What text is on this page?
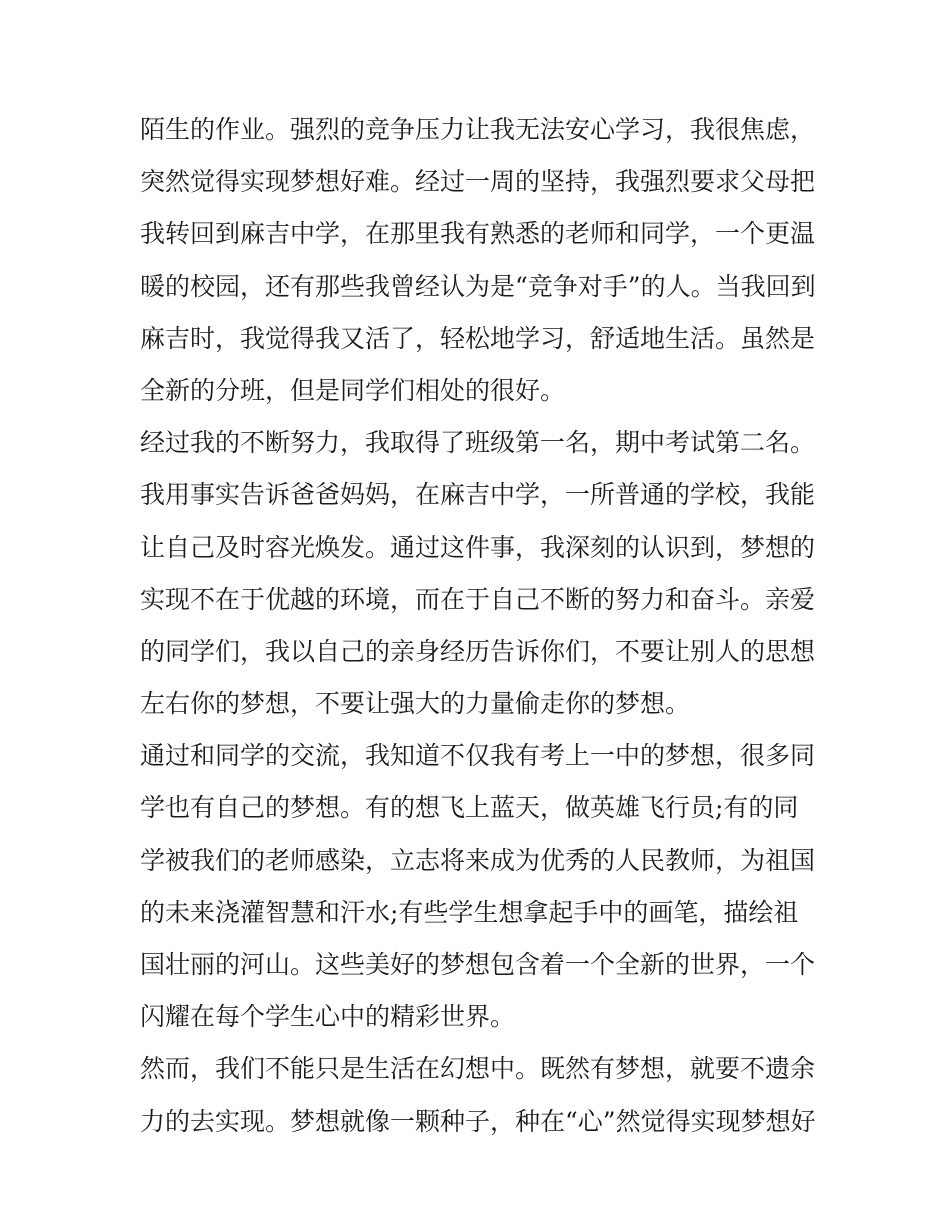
陌生的作业。强烈的竞争压力让我无法安心学习，我很焦虑，
突然觉得实现梦想好难。经过一周的坚持，我强烈要求父母把
我转回到麻吉中学，在那里我有熟悉的老师和同学，一个更温
暖的校园，还有那些我曾经认为是“竞争对手”的人。当我回到
麻吉时，我觉得我又活了，轻松地学习，舒适地生活。虽然是
全新的分班，但是同学们相处的很好。
经过我的不断努力，我取得了班级第一名，期中考试第二名。
我用事实告诉爸爸妈妈，在麻吉中学，一所普通的学校，我能
让自己及时容光焕发。通过这件事，我深刻的认识到，梦想的
实现不在于优越的环境，而在于自己不断的努力和奋斗。亲爱
的同学们，我以自己的亲身经历告诉你们，不要让别人的思想
左右你的梦想，不要让强大的力量偷走你的梦想。
通过和同学的交流，我知道不仅我有考上一中的梦想，很多同
学也有自己的梦想。有的想飞上蓝天，做英雄飞行员;有的同
学被我们的老师感染，立志将来成为优秀的人民教师，为祖国
的未来浇灌智慧和汗水;有些学生想拿起手中的画笔，描绘祖
国壮丽的河山。这些美好的梦想包含着一个全新的世界，一个
闪耀在每个学生心中的精彩世界。
然而，我们不能只是生活在幻想中。既然有梦想，就要不遗余
力的去实现。梦想就像一颗种子，种在“心”然觉得实现梦想好
